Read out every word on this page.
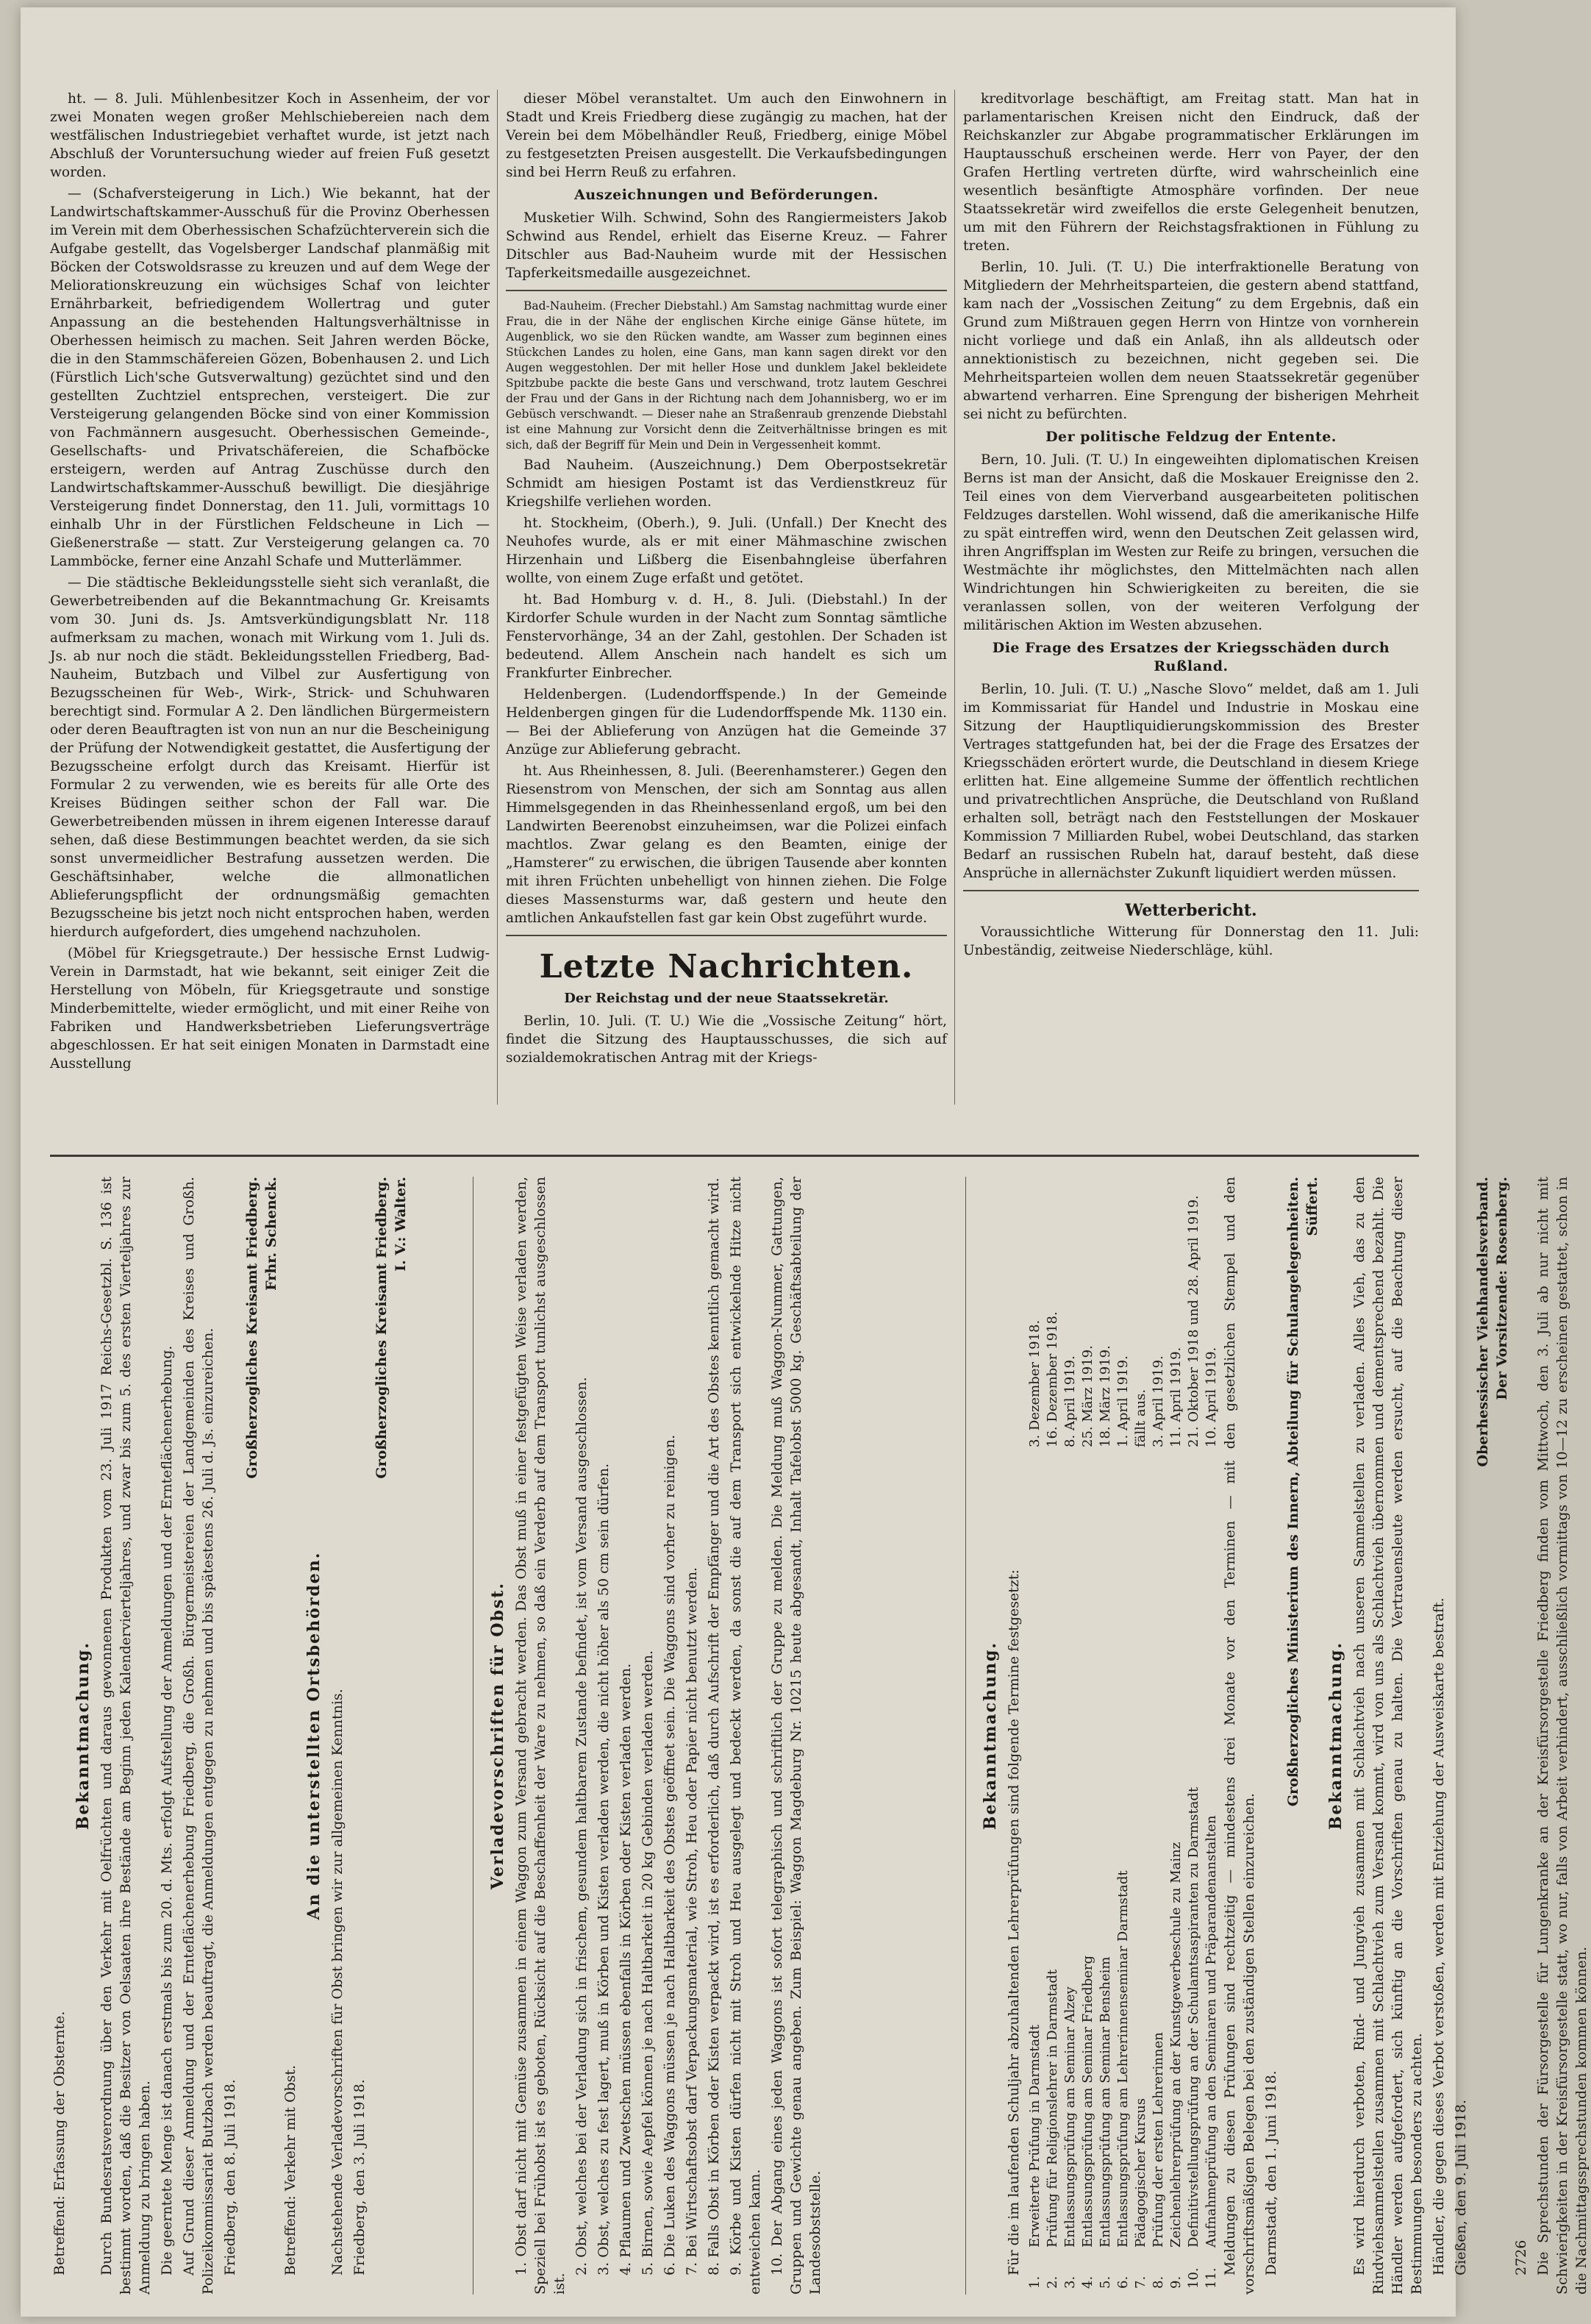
ht. — 8. Juli. Mühlenbesitzer Koch in Assenheim, der vor zwei Monaten wegen großer Mehlschiebereien nach dem westfälischen Industriegebiet verhaftet wurde, ist jetzt nach Abschluß der Voruntersuchung wieder auf freien Fuß gesetzt worden.

— (Schafversteigerung in Lich.) Wie bekannt, hat der Landwirtschaftskammer-Ausschuß für die Provinz Oberhessen im Verein mit dem Oberhessischen Schafzüchterverein sich die Aufgabe gestellt, das Vogelsberger Landschaf planmäßig mit Böcken der Cotswoldsrasse zu kreuzen und auf dem Wege der Meliorationskreuzung ein wüchsiges Schaf von leichter Ernährbarkeit, befriedigendem Wollertrag und guter Anpassung an die bestehenden Haltungsverhältnisse in Oberhessen heimisch zu machen. Seit Jahren werden Böcke, die in den Stammschäfereien Gözen, Bobenhausen 2. und Lich (Fürstlich Lich'sche Gutsverwaltung) gezüchtet sind und den gestellten Zuchtziel entsprechen, versteigert. Die zur Versteigerung gelangenden Böcke sind von einer Kommission von Fachmännern ausgesucht. Oberhessischen Gemeinde-, Gesellschafts- und Privatschäfereien, die Schafböcke ersteigern, werden auf Antrag Zuschüsse durch den Landwirtschaftskammer-Ausschuß bewilligt. Die diesjährige Versteigerung findet Donnerstag, den 11. Juli, vormittags 10 einhalb Uhr in der Fürstlichen Feldscheune in Lich — Gießenerstraße — statt. Zur Versteigerung gelangen ca. 70 Lammböcke, ferner eine Anzahl Schafe und Mutterlämmer.

— Die städtische Bekleidungsstelle sieht sich veranlaßt, die Gewerbetreibenden auf die Bekanntmachung Gr. Kreisamts vom 30. Juni ds. Js. Amtsverkündigungsblatt Nr. 118 aufmerksam zu machen, wonach mit Wirkung vom 1. Juli ds. Js. ab nur noch die städt. Bekleidungsstellen Friedberg, Bad-Nauheim, Butzbach und Vilbel zur Ausfertigung von Bezugsscheinen für Web-, Wirk-, Strick- und Schuhwaren berechtigt sind. Formular A 2. Den ländlichen Bürgermeistern oder deren Beauftragten ist von nun an nur die Bescheinigung der Prüfung der Notwendigkeit gestattet, die Ausfertigung der Bezugsscheine erfolgt durch das Kreisamt. Hierfür ist Formular 2 zu verwenden, wie es bereits für alle Orte des Kreises Büdingen seither schon der Fall war. Die Gewerbetreibenden müssen in ihrem eigenen Interesse darauf sehen, daß diese Bestimmungen beachtet werden, da sie sich sonst unvermeidlicher Bestrafung aussetzen werden. Die Geschäftsinhaber, welche die allmonatlichen Ablieferungspflicht der ordnungsmäßig gemachten Bezugsscheine bis jetzt noch nicht entsprochen haben, werden hierdurch aufgefordert, dies umgehend nachzuholen.

(Möbel für Kriegsgetraute.) Der hessische Ernst Ludwig-Verein in Darmstadt, hat wie bekannt, seit einiger Zeit die Herstellung von Möbeln, für Kriegsgetraute und sonstige Minderbemittelte, wieder ermöglicht, und mit einer Reihe von Fabriken und Handwerksbetrieben Lieferungsverträge abgeschlossen. Er hat seit einigen Monaten in Darmstadt eine Ausstellung

dieser Möbel veranstaltet. Um auch den Einwohnern in Stadt und Kreis Friedberg diese zugängig zu machen, hat der Verein bei dem Möbelhändler Reuß, Friedberg, einige Möbel zu festgesetzten Preisen ausgestellt. Die Verkaufsbedingungen sind bei Herrn Reuß zu erfahren.

Auszeichnungen und Beförderungen.

Musketier Wilh. Schwind, Sohn des Rangiermeisters Jakob Schwind aus Rendel, erhielt das Eiserne Kreuz. — Fahrer Ditschler aus Bad-Nauheim wurde mit der Hessischen Tapferkeitsmedaille ausgezeichnet.

Bad-Nauheim. (Frecher Diebstahl.) Am Samstag nachmittag wurde einer Frau, die in der Nähe der englischen Kirche einige Gänse hütete, im Augenblick, wo sie den Rücken wandte, am Wasser zum beginnen eines Stückchen Landes zu holen, eine Gans, man kann sagen direkt vor den Augen weggestohlen. Der mit heller Hose und dunklem Jakel bekleidete Spitzbube packte die beste Gans und verschwand, trotz lautem Geschrei der Frau und der Gans in der Richtung nach dem Johannisberg, wo er im Gebüsch verschwandt. — Dieser nahe an Straßenraub grenzende Diebstahl ist eine Mahnung zur Vorsicht denn die Zeitverhältnisse bringen es mit sich, daß der Begriff für Mein und Dein in Vergessenheit kommt.

Bad Nauheim. (Auszeichnung.) Dem Oberpostsekretär Schmidt am hiesigen Postamt ist das Verdienstkreuz für Kriegshilfe verliehen worden.

ht. Stockheim, (Oberh.), 9. Juli. (Unfall.) Der Knecht des Neuhofes wurde, als er mit einer Mähmaschine zwischen Hirzenhain und Lißberg die Eisenbahngleise überfahren wollte, von einem Zuge erfaßt und getötet.

ht. Bad Homburg v. d. H., 8. Juli. (Diebstahl.) In der Kirdorfer Schule wurden in der Nacht zum Sonntag sämtliche Fenstervorhänge, 34 an der Zahl, gestohlen. Der Schaden ist bedeutend. Allem Anschein nach handelt es sich um Frankfurter Einbrecher.

Heldenbergen. (Ludendorffspende.) In der Gemeinde Heldenbergen gingen für die Ludendorffspende Mk. 1130 ein. — Bei der Ablieferung von Anzügen hat die Gemeinde 37 Anzüge zur Ablieferung gebracht.

ht. Aus Rheinhessen, 8. Juli. (Beerenhamsterer.) Gegen den Riesenstrom von Menschen, der sich am Sonntag aus allen Himmelsgegenden in das Rheinhessenland ergoß, um bei den Landwirten Beerenobst einzuheimsen, war die Polizei einfach machtlos. Zwar gelang es den Beamten, einige der „Hamsterer“ zu erwischen, die übrigen Tausende aber konnten mit ihren Früchten unbehelligt von hinnen ziehen. Die Folge dieses Massensturms war, daß gestern und heute den amtlichen Ankaufstellen fast gar kein Obst zugeführt wurde.

Letzte Nachrichten.
Der Reichstag und der neue Staatssekretär.

Berlin, 10. Juli. (T. U.) Wie die „Vossische Zeitung“ hört, findet die Sitzung des Hauptausschusses, die sich auf sozialdemokratischen Antrag mit der Kriegs-

kreditvorlage beschäftigt, am Freitag statt. Man hat in parlamentarischen Kreisen nicht den Eindruck, daß der Reichskanzler zur Abgabe programmatischer Erklärungen im Hauptausschuß erscheinen werde. Herr von Payer, der den Grafen Hertling vertreten dürfte, wird wahrscheinlich eine wesentlich besänftigte Atmosphäre vorfinden. Der neue Staatssekretär wird zweifellos die erste Gelegenheit benutzen, um mit den Führern der Reichstagsfraktionen in Fühlung zu treten.

Berlin, 10. Juli. (T. U.) Die interfraktionelle Beratung von Mitgliedern der Mehrheitsparteien, die gestern abend stattfand, kam nach der „Vossischen Zeitung“ zu dem Ergebnis, daß ein Grund zum Mißtrauen gegen Herrn von Hintze von vornherein nicht vorliege und daß ein Anlaß, ihn als alldeutsch oder annektionistisch zu bezeichnen, nicht gegeben sei. Die Mehrheitsparteien wollen dem neuen Staatssekretär gegenüber abwartend verharren. Eine Sprengung der bisherigen Mehrheit sei nicht zu befürchten.

Der politische Feldzug der Entente.

Bern, 10. Juli. (T. U.) In eingeweihten diplomatischen Kreisen Berns ist man der Ansicht, daß die Moskauer Ereignisse den 2. Teil eines von dem Vierverband ausgearbeiteten politischen Feldzuges darstellen. Wohl wissend, daß die amerikanische Hilfe zu spät eintreffen wird, wenn den Deutschen Zeit gelassen wird, ihren Angriffsplan im Westen zur Reife zu bringen, versuchen die Westmächte ihr möglichstes, den Mittelmächten nach allen Windrichtungen hin Schwierigkeiten zu bereiten, die sie veranlassen sollen, von der weiteren Verfolgung der militärischen Aktion im Westen abzusehen.

Die Frage des Ersatzes der Kriegsschäden durch Rußland.

Berlin, 10. Juli. (T. U.) „Nasche Slovo“ meldet, daß am 1. Juli im Kommissariat für Handel und Industrie in Moskau eine Sitzung der Hauptliquidierungskommission des Brester Vertrages stattgefunden hat, bei der die Frage des Ersatzes der Kriegsschäden erörtert wurde, die Deutschland in diesem Kriege erlitten hat. Eine allgemeine Summe der öffentlich rechtlichen und privatrechtlichen Ansprüche, die Deutschland von Rußland erhalten soll, beträgt nach den Feststellungen der Moskauer Kommission 7 Milliarden Rubel, wobei Deutschland, das starken Bedarf an russischen Rubeln hat, darauf besteht, daß diese Ansprüche in allernächster Zukunft liquidiert werden müssen.

Wetterbericht.

Voraussichtliche Witterung für Donnerstag den 11. Juli: Unbeständig, zeitweise Niederschläge, kühl.

Betreffend: Erfassung der Obsternte.

Bekanntmachung. Durch Bundesratsverordnung über den Verkehr mit Oelfrüchten und daraus gewonnenen Produkten vom 23. Juli 1917 Reichs-Gesetzbl. S. 136 ist bestimmt worden, daß die Besitzer von Oelsaaten ihre Bestände am Beginn jeden Kalendervierteljahres, und zwar bis zum 5. des ersten Vierteljahres zur Anmeldung zu bringen haben. Die geerntete Menge ist danach erstmals bis zum 20. d. Mts. erfolgt Aufstellung der Anmeldungen und der Ernteflächenerhebung. Auf Grund dieser Anmeldung und der Ernteflächenerhebung Friedberg, die Großh. Bürgermeistereien der Landgemeinden des Kreises und Großh. Polizeikommissariat Butzbach werden beauftragt, die Anmeldungen entgegen zu nehmen und bis spätestens 26. Juli d. Js. einzureichen. Friedberg, den 8. Juli 1918.

Großherzogliches Kreisamt Friedberg. Frhr. Schenck.

Betreffend: Verkehr mit Obst.

An die unterstellten Ortsbehörden. Nachstehende Verladevorschriften für Obst bringen wir zur allgemeinen Kenntnis. Friedberg, den 3. Juli 1918.

Großherzogliches Kreisamt Friedberg. I. V.: Walter.
Verladevorschriften für Obst. 1. Obst darf nicht mit Gemüse zusammen in einem Waggon zum Versand gebracht werden. Das Obst muß in einer festgefügten Weise verladen werden, Speziell bei Frühobst ist es geboten, Rücksicht auf die Beschaffenheit der Ware zu nehmen, so daß ein Verderb auf dem Transport tunlichst ausgeschlossen ist.

2. Obst, welches bei der Verladung sich in frischem, gesundem haltbarem Zustande befindet, ist vom Versand ausgeschlossen. 3. Obst, welches zu fest lagert, muß in Körben und Kisten verladen werden, die nicht höher als 50 cm sein dürfen. 4. Pflaumen und Zwetschen müssen ebenfalls in Körben oder Kisten verladen werden. 5. Birnen, sowie Aepfel können je nach Haltbarkeit in 20 kg Gebinden verladen werden. 6. Die Luken des Waggons müssen je nach Haltbarkeit des Obstes geöffnet sein. Die Waggons sind vorher zu reinigen. 7. Bei Wirtschaftsobst darf Verpackungsmaterial, wie Stroh, Heu oder Papier nicht benutzt werden. 8. Falls Obst in Körben oder Kisten verpackt wird, ist es erforderlich, daß durch Aufschrift der Empfänger und die Art des Obstes kenntlich gemacht wird. 9. Körbe und Kisten dürfen nicht mit Stroh und Heu ausgelegt und bedeckt werden, da sonst die auf dem Transport sich entwickelnde Hitze nicht entweichen kann. 10. Der Abgang eines jeden Waggons ist sofort telegraphisch und schriftlich der Gruppe zu melden. Die Meldung muß Waggon-Nummer, Gattungen, Gruppen und Gewichte genau angeben. Zum Beispiel: Waggon Magdeburg Nr. 10215 heute abgesandt, Inhalt Tafelobst 5000 kg. Geschäftsabteilung der Landesobststelle.

Bekanntmachung. Für die im laufenden Schuljahr abzuhaltenden Lehrerprüfungen sind folgende Termine festgesetzt:

1.	Erweiterte Prüfung in Darmstadt	3. Dezember 1918.
2.	Prüfung für Religionslehrer in Darmstadt	16. Dezember 1918.
3.	Entlassungsprüfung am Seminar Alzey	8. April 1919.
4.	Entlassungsprüfung am Seminar Friedberg	25. März 1919.
5.	Entlassungsprüfung am Seminar Bensheim	18. März 1919.
6.	Entlassungsprüfung am Lehrerinnenseminar Darmstadt	1. April 1919.
7.	Pädagogischer Kursus	fällt aus.
8.	Prüfung der ersten Lehrerinnen	3. April 1919.
9.	Zeichenlehrerprüfung an der Kunstgewerbeschule zu Mainz	11. April 1919.
10.	Definitivstellungsprüfung an der Schulamtsaspiranten zu Darmstadt	21. Oktober 1918 und 28. April 1919.
11.	Aufnahmeprüfung an den Seminaren und Präparandenanstalten	10. April 1919. Meldungen zu diesen Prüfungen sind rechtzeitig — mindestens drei Monate vor den Terminen — mit den gesetzlichen Stempel und den vorschriftsmäßigen Belegen bei den zuständigen Stellen einzureichen. Darmstadt, den 1. Juni 1918.

Großherzogliches Ministerium des Innern, Abteilung für Schulangelegenheiten. Süffert.
Bekanntmachung. Es wird hierdurch verboten, Rind- und Jungvieh zusammen mit Schlachtvieh nach unseren Sammelstellen zu verladen. Alles Vieh, das zu den Rindviehsammelstellen zusammen mit Schlachtvieh zum Versand kommt, wird von uns als Schlachtvieh übernommen und dementsprechend bezahlt. Die Händler werden aufgefordert, sich künftig an die Vorschriften genau zu halten. Die Vertrauensleute werden ersucht, auf die Beachtung dieser Bestimmungen besonders zu achten. Händler, die gegen dieses Verbot verstoßen, werden mit Entziehung der Ausweiskarte bestraft. Gießen, den 9. Juli 1918.

Oberhessischer Viehhandelsverband. Der Vorsitzende: Rosenberg.

2726 Die Sprechstunden der Fürsorgestelle für Lungenkranke an der Kreisfürsorgestelle Friedberg finden vom Mittwoch, den 3. Juli ab nur nicht mit Schwierigkeiten in der Kreisfürsorgestelle statt, wo nur, falls von Arbeit verhindert, ausschließlich vormittags von 10—12 zu erscheinen gestattet, schon in die Nachmittagssprechstunden kommen können.
